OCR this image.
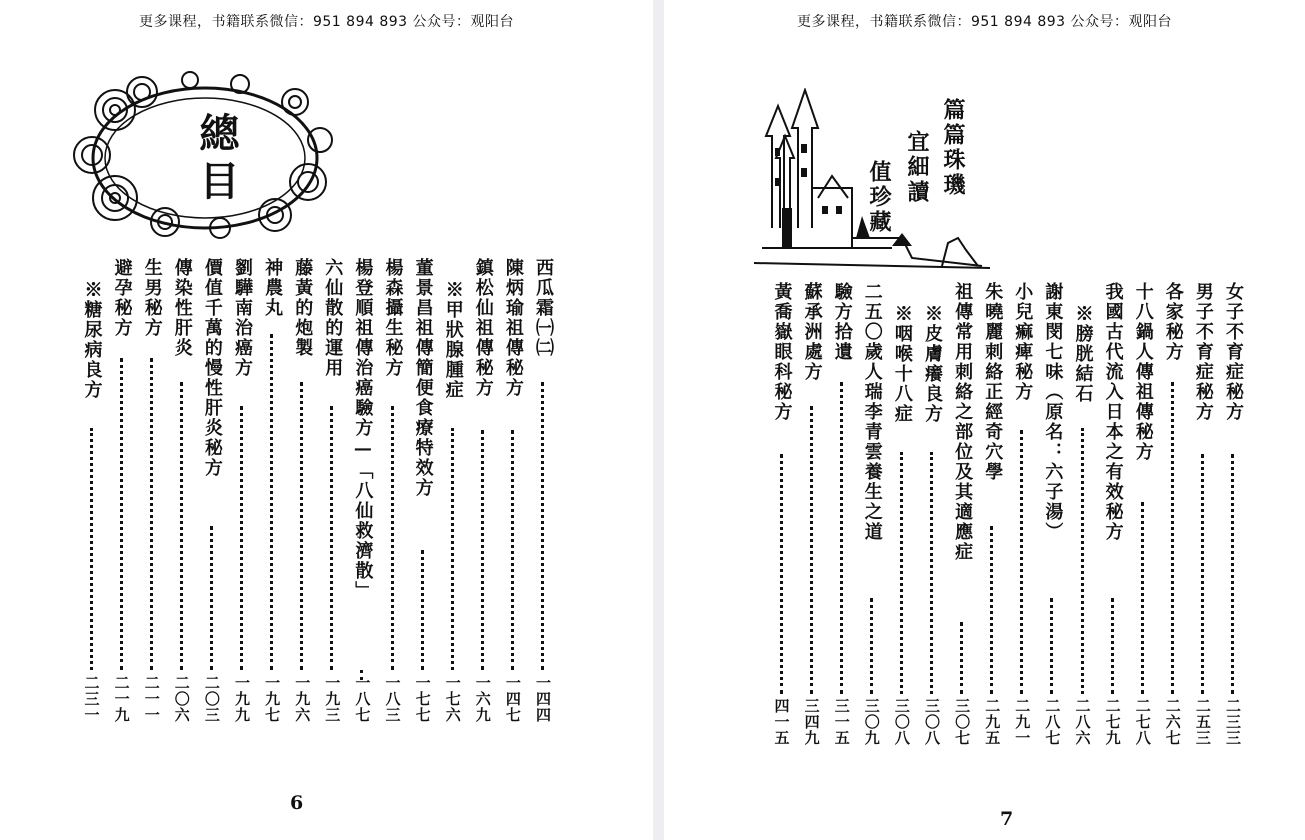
更多课程，书籍联系微信：951 894 893 公众号：观阳台
總目
西瓜霜㈠㈡
一四四
陳炳瑜祖傳秘方
一四七
鎮松仙祖傳秘方
一六九
※甲狀腺腫症
一七六
董景昌祖傳簡便食療特效方
一七七
楊森攝生秘方
一八三
楊登順祖傳治癌驗方—「八仙救濟散」
一八七
六仙散的運用
一九三
藤黃的炮製
一九六
神農丸
一九七
劉驊南治癌方
一九九
價值千萬的慢性肝炎秘方
二〇三
傳染性肝炎
二〇六
生男秘方
二一一
避孕秘方
二一九
※糖尿病良方
二三一
6
更多课程，书籍联系微信：951 894 893 公众号：观阳台
篇篇珠璣
宜細讀
值珍藏
女子不育症秘方
二三三
男子不育症秘方
二五三
各家秘方
二六七
十八鍋人傳祖傳秘方
二七八
我國古代流入日本之有效秘方
二七九
※膀胱結石
二八六
謝東閔七味（原名：六子湯）
二八七
小兒痲痺秘方
二九一
朱曉麗刺絡正經奇穴學
二九五
祖傳常用刺絡之部位及其適應症
三〇七
※皮膚癢良方
三〇八
※咽喉十八症
三〇八
二五〇歲人瑞李青雲養生之道
三〇九
驗方拾遺
三一五
蘇承洲處方
三四九
黃喬嶽眼科秘方
四一五
7
